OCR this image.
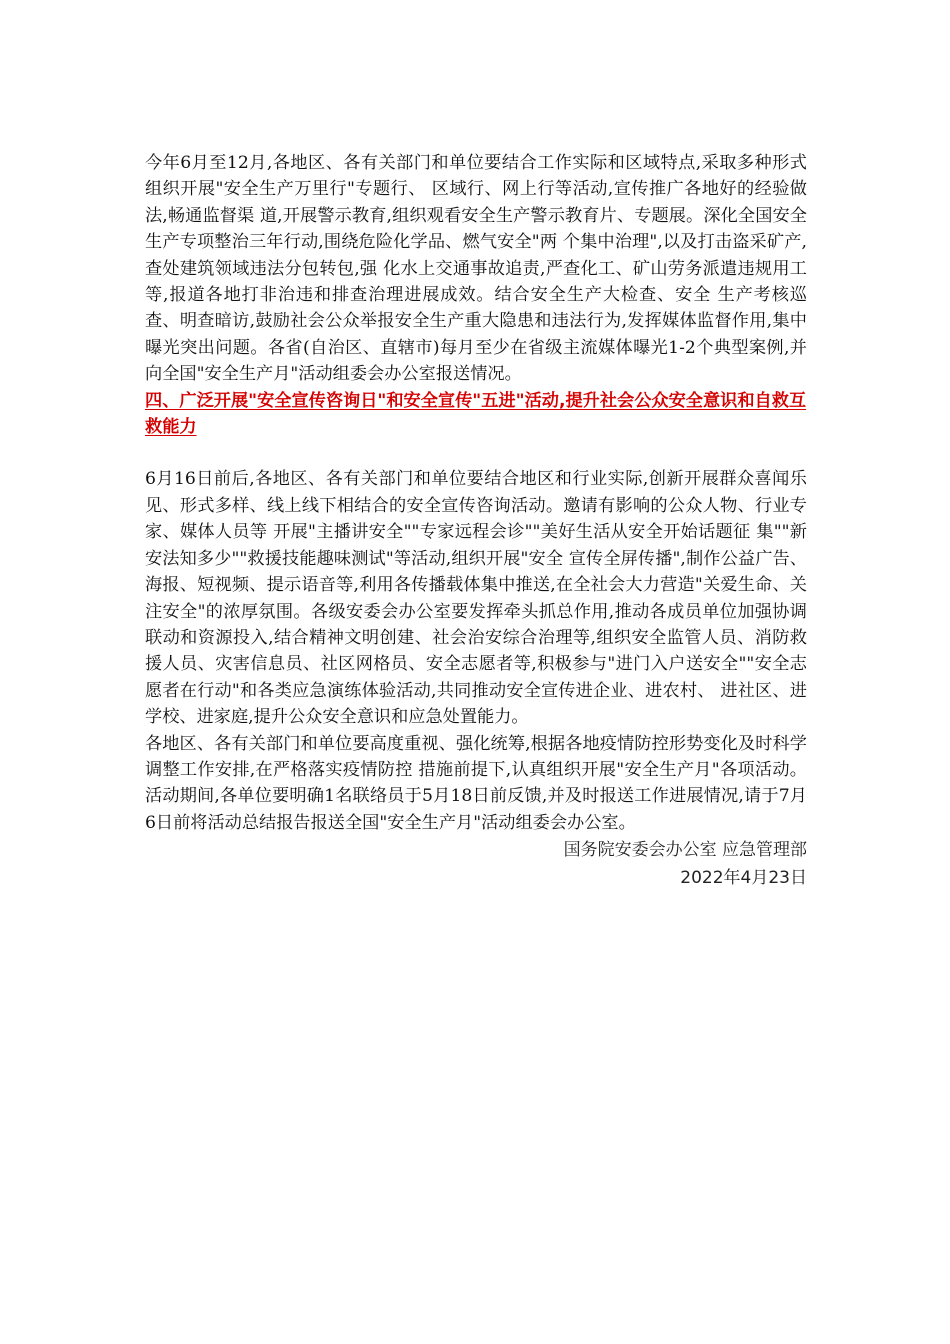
今年6月至12月,各地区、各有关部门和单位要结合工作实际和区域特点,采取多种形式组织开展"安全生产万里行"专题行、 区域行、网上行等活动,宣传推广各地好的经验做法,畅通监督渠 道,开展警示教育,组织观看安全生产警示教育片、专题展。深化全国安全生产专项整治三年行动,围绕危险化学品、燃气安全"两 个集中治理",以及打击盗采矿产,查处建筑领域违法分包转包,强 化水上交通事故追责,严查化工、矿山劳务派遣违规用工等,报道各地打非治违和排查治理进展成效。结合安全生产大检查、安全 生产考核巡查、明查暗访,鼓励社会公众举报安全生产重大隐患和违法行为,发挥媒体监督作用,集中曝光突出问题。各省(自治区、直辖市)每月至少在省级主流媒体曝光1-2个典型案例,并向全国"安全生产月"活动组委会办公室报送情况。

四、广泛开展"安全宣传咨询日"和安全宣传"五进"活动,提升社会公众安全意识和自救互救能力

6月16日前后,各地区、各有关部门和单位要结合地区和行业实际,创新开展群众喜闻乐见、形式多样、线上线下相结合的安全宣传咨询活动。邀请有影响的公众人物、行业专家、媒体人员等 开展"主播讲安全""专家远程会诊""美好生活从安全开始话题征 集""新安法知多少""救援技能趣味测试"等活动,组织开展"安全 宣传全屏传播",制作公益广告、海报、短视频、提示语音等,利用各传播载体集中推送,在全社会大力营造"关爱生命、关注安全"的浓厚氛围。各级安委会办公室要发挥牵头抓总作用,推动各成员单位加强协调联动和资源投入,结合精神文明创建、社会治安综合治理等,组织安全监管人员、消防救援人员、灾害信息员、社区网格员、安全志愿者等,积极参与"进门入户送安全""安全志愿者在行动"和各类应急演练体验活动,共同推动安全宣传进企业、进农村、 进社区、进学校、进家庭,提升公众安全意识和应急处置能力。

各地区、各有关部门和单位要高度重视、强化统筹,根据各地疫情防控形势变化及时科学调整工作安排,在严格落实疫情防控 措施前提下,认真组织开展"安全生产月"各项活动。活动期间,各单位要明确1名联络员于5月18日前反馈,并及时报送工作进展情况,请于7月6日前将活动总结报告报送全国"安全生产月"活动组委会办公室。

国务院安委会办公室 应急管理部

2022年4月23日
